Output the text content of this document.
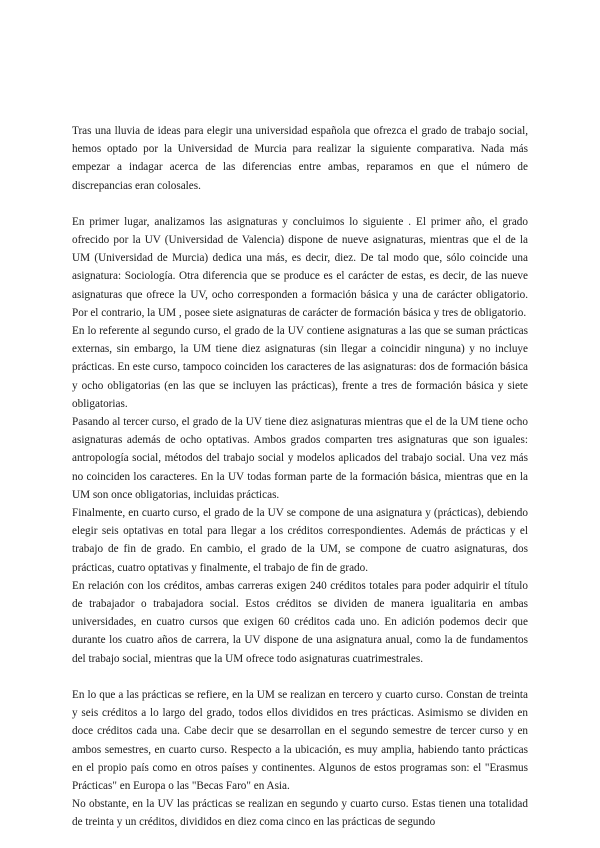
Tras una lluvia de ideas para elegir una universidad española que ofrezca el grado de trabajo social, hemos optado por la Universidad de Murcia para realizar la siguiente comparativa. Nada más empezar a indagar acerca de las diferencias entre ambas, reparamos en que el número de discrepancias eran colosales.

En primer lugar, analizamos las asignaturas y concluimos lo siguiente . El primer año, el grado ofrecido por la UV (Universidad de Valencia) dispone de nueve asignaturas, mientras que el de la UM (Universidad de Murcia) dedica una más, es decir, diez. De tal modo que, sólo coincide una asignatura: Sociología. Otra diferencia que se produce es el carácter de estas, es decir, de las nueve asignaturas que ofrece la UV, ocho corresponden a formación básica y una de carácter obligatorio. Por el contrario, la UM , posee siete asignaturas de carácter de formación básica y tres de obligatorio.

En lo referente al segundo curso, el grado de la UV contiene asignaturas a las que se suman prácticas externas, sin embargo, la UM tiene diez asignaturas (sin llegar a coincidir ninguna) y no incluye prácticas. En este curso, tampoco coinciden los caracteres de las asignaturas: dos de formación básica y ocho obligatorias (en las que se incluyen las prácticas), frente a tres de formación básica y siete obligatorias.

Pasando al tercer curso, el grado de la UV tiene diez asignaturas mientras que el de la UM tiene ocho asignaturas además de ocho optativas. Ambos grados comparten tres asignaturas que son iguales: antropología social, métodos del trabajo social y modelos aplicados del trabajo social. Una vez más no coinciden los caracteres. En la UV todas forman parte de la formación básica, mientras que en la UM son once obligatorias, incluidas prácticas.

Finalmente, en cuarto curso, el grado de la UV se compone de una asignatura y (prácticas), debiendo elegir seis optativas en total para llegar a los créditos correspondientes. Además de prácticas y el trabajo de fin de grado. En cambio, el grado de la UM, se compone de cuatro asignaturas, dos prácticas, cuatro optativas y finalmente, el trabajo de fin de grado.

En relación con los créditos, ambas carreras exigen 240 créditos totales para poder adquirir el título de trabajador o trabajadora social. Estos créditos se dividen de manera igualitaria en ambas universidades, en cuatro cursos que exigen 60 créditos cada uno. En adición podemos decir que durante los cuatro años de carrera, la UV dispone de una asignatura anual, como la de fundamentos del trabajo social, mientras que la UM ofrece todo asignaturas cuatrimestrales.

En lo que a las prácticas se refiere, en la UM se realizan en tercero y cuarto curso. Constan de treinta y seis créditos a lo largo del grado, todos ellos divididos en tres prácticas. Asimismo se dividen en doce créditos cada una. Cabe decir que se desarrollan en el segundo semestre de tercer curso y en ambos semestres, en cuarto curso. Respecto a la ubicación, es muy amplia, habiendo tanto prácticas en el propio país como en otros países y continentes. Algunos de estos programas son: el "Erasmus Prácticas" en Europa o las "Becas Faro" en Asia.

No obstante, en la UV las prácticas se realizan en segundo y cuarto curso. Estas tienen una totalidad de treinta y un créditos, divididos en diez coma cinco en las prácticas de segundo
